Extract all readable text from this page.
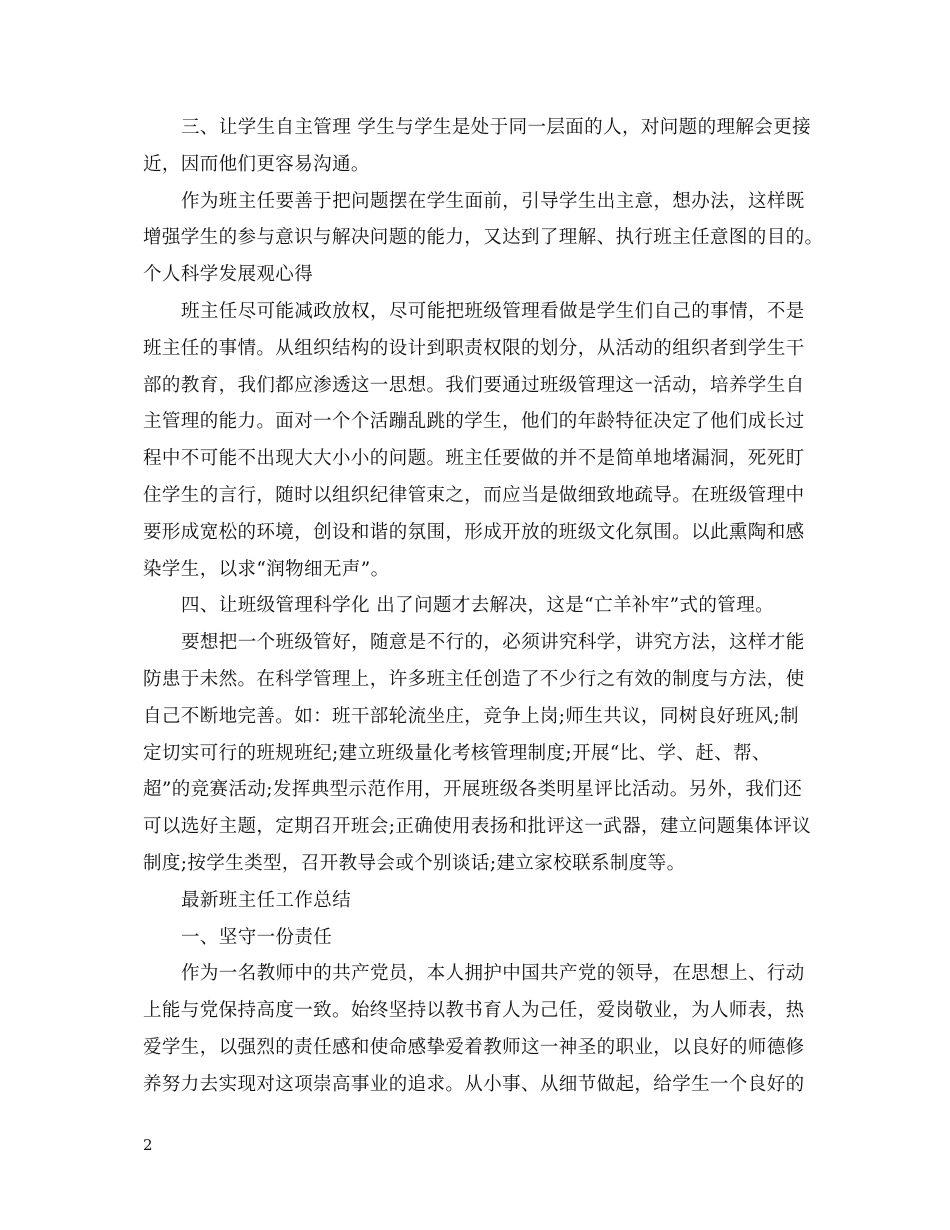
三、让学生自主管理 学生与学生是处于同一层面的人，对问题的理解会更接
近，因而他们更容易沟通。
作为班主任要善于把问题摆在学生面前，引导学生出主意，想办法，这样既
增强学生的参与意识与解决问题的能力，又达到了理解、执行班主任意图的目的。
个人科学发展观心得
班主任尽可能减政放权，尽可能把班级管理看做是学生们自己的事情，不是
班主任的事情。从组织结构的设计到职责权限的划分，从活动的组织者到学生干
部的教育，我们都应渗透这一思想。我们要通过班级管理这一活动，培养学生自
主管理的能力。面对一个个活蹦乱跳的学生，他们的年龄特征决定了他们成长过
程中不可能不出现大大小小的问题。班主任要做的并不是简单地堵漏洞，死死盯
住学生的言行，随时以组织纪律管束之，而应当是做细致地疏导。在班级管理中
要形成宽松的环境，创设和谐的氛围，形成开放的班级文化氛围。以此熏陶和感
染学生，以求“润物细无声”。
四、让班级管理科学化 出了问题才去解决，这是“亡羊补牢”式的管理。
要想把一个班级管好，随意是不行的，必须讲究科学，讲究方法，这样才能
防患于未然。在科学管理上，许多班主任创造了不少行之有效的制度与方法，使
自己不断地完善。如：班干部轮流坐庄，竞争上岗;师生共议，同树良好班风;制
定切实可行的班规班纪;建立班级量化考核管理制度;开展“比、学、赶、帮、
超”的竞赛活动;发挥典型示范作用，开展班级各类明星评比活动。另外，我们还
可以选好主题，定期召开班会;正确使用表扬和批评这一武器，建立问题集体评议
制度;按学生类型，召开教导会或个别谈话;建立家校联系制度等。
最新班主任工作总结
一、坚守一份责任
作为一名教师中的共产党员，本人拥护中国共产党的领导，在思想上、行动
上能与党保持高度一致。始终坚持以教书育人为己任，爱岗敬业，为人师表，热
爱学生，以强烈的责任感和使命感挚爱着教师这一神圣的职业，以良好的师德修
养努力去实现对这项崇高事业的追求。从小事、从细节做起，给学生一个良好的
2
